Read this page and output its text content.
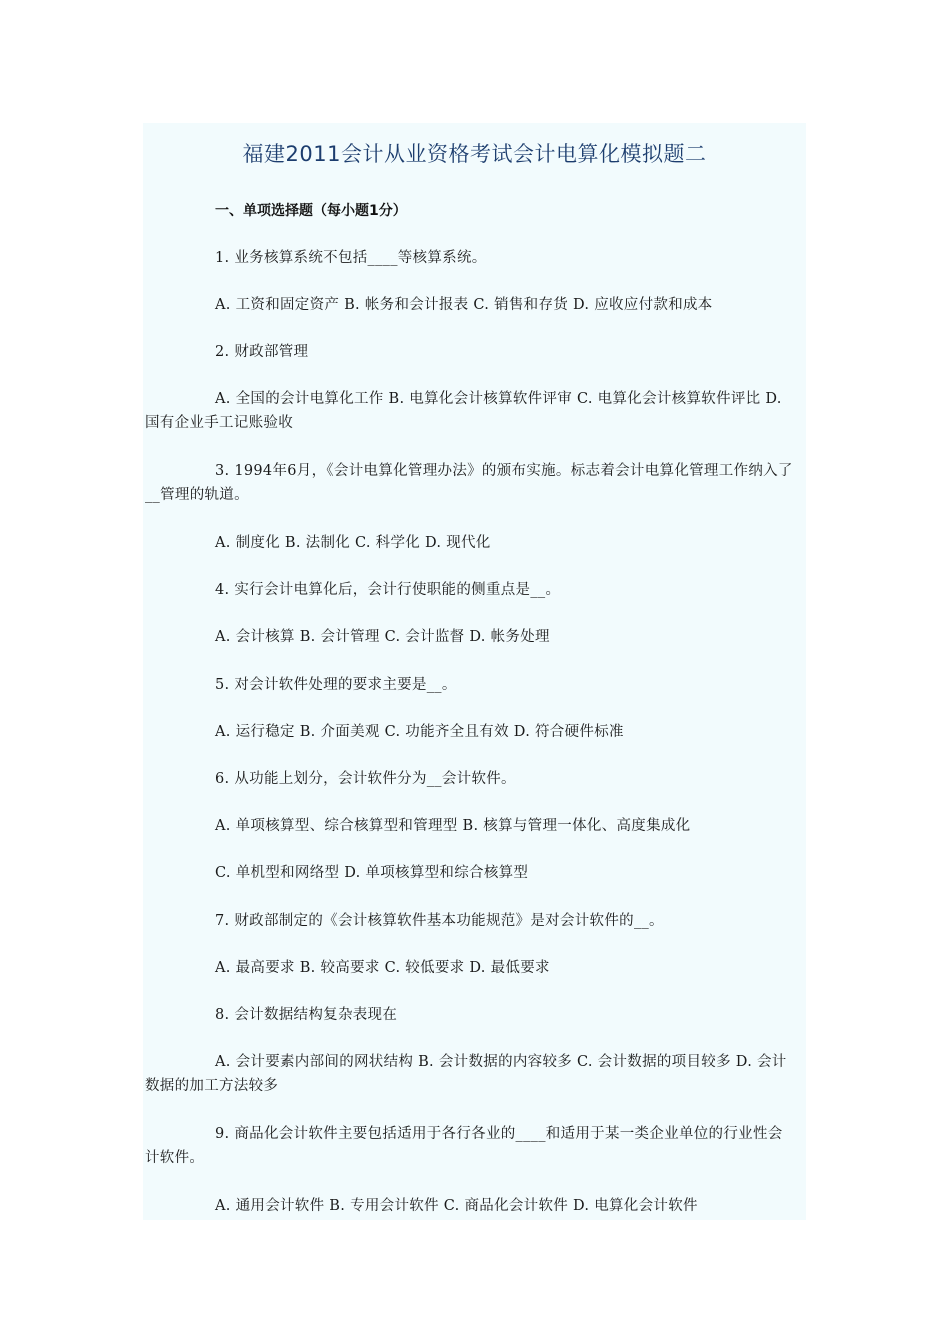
福建2011会计从业资格考试会计电算化模拟题二
一、单项选择题（每小题1分）
1. 业务核算系统不包括____等核算系统。
A. 工资和固定资产 B. 帐务和会计报表 C. 销售和存货 D. 应收应付款和成本
2. 财政部管理
A. 全国的会计电算化工作 B. 电算化会计核算软件评审 C. 电算化会计核算软件评比 D. 国有企业手工记账验收
3. 1994年6月，《会计电算化管理办法》的颁布实施。标志着会计电算化管理工作纳入了__管理的轨道。
A. 制度化 B. 法制化 C. 科学化 D. 现代化
4. 实行会计电算化后，会计行使职能的侧重点是__。
A. 会计核算 B. 会计管理 C. 会计监督 D. 帐务处理
5. 对会计软件处理的要求主要是__。
A. 运行稳定 B. 介面美观 C. 功能齐全且有效 D. 符合硬件标准
6. 从功能上划分，会计软件分为__会计软件。
A. 单项核算型、综合核算型和管理型 B. 核算与管理一体化、高度集成化
C. 单机型和网络型 D. 单项核算型和综合核算型
7. 财政部制定的《会计核算软件基本功能规范》是对会计软件的__。
A. 最高要求 B. 较高要求 C. 较低要求 D. 最低要求
8. 会计数据结构复杂表现在
A. 会计要素内部间的网状结构 B. 会计数据的内容较多 C. 会计数据的项目较多 D. 会计数据的加工方法较多
9. 商品化会计软件主要包括适用于各行各业的____和适用于某一类企业单位的行业性会计软件。
A. 通用会计软件 B. 专用会计软件 C. 商品化会计软件 D. 电算化会计软件
